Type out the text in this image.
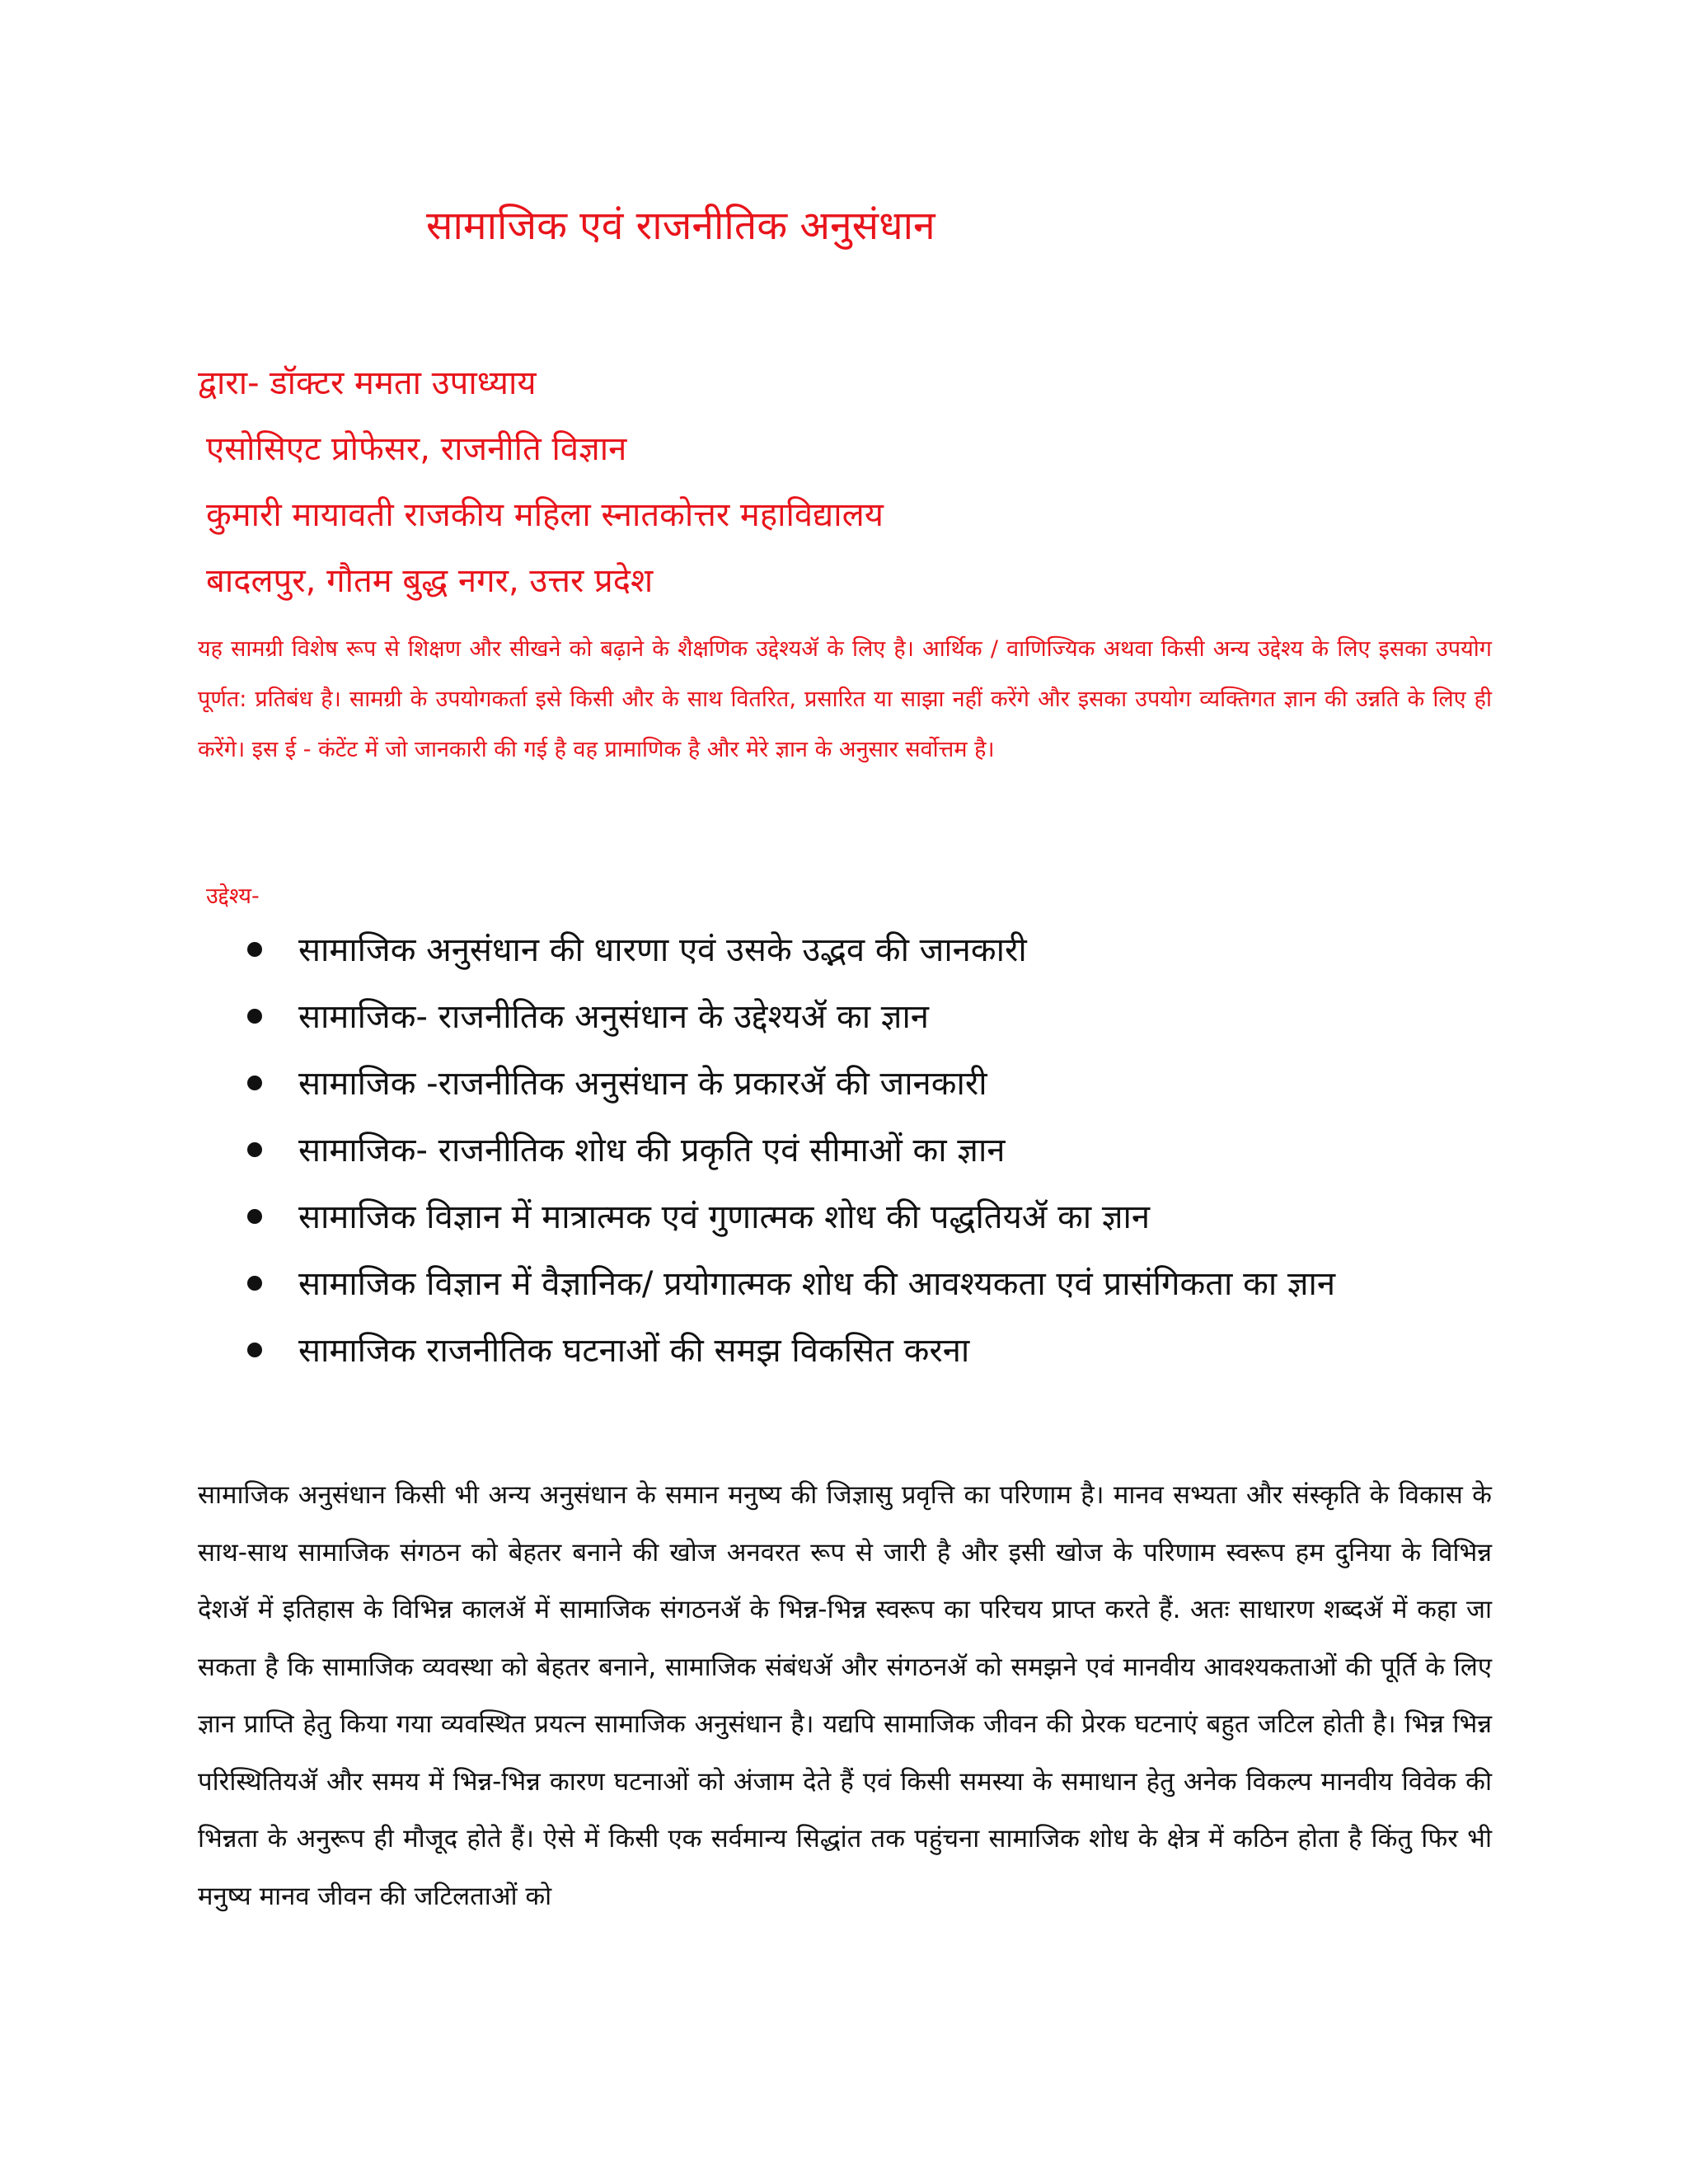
सामाजिक एवं राजनीतिक अनुसंधान
द्वारा- डॉक्टर ममता उपाध्याय
एसोसिएट प्रोफेसर, राजनीति विज्ञान
कुमारी मायावती राजकीय महिला स्नातकोत्तर महाविद्यालय
बादलपुर, गौतम बुद्ध नगर, उत्तर प्रदेश
यह सामग्री विशेष रूप से शिक्षण और सीखने को बढ़ाने के शैक्षणिक उद्देश्यॲ के लिए है। आर्थिक / वाणिज्यिक अथवा किसी अन्य उद्देश्य के लिए इसका उपयोग पूर्णत: प्रतिबंध है। सामग्री के उपयोगकर्ता इसे किसी और के साथ वितरित, प्रसारित या साझा नहीं करेंगे और इसका उपयोग व्यक्तिगत ज्ञान की उन्नति के लिए ही करेंगे। इस ई - कंटेंट में जो जानकारी की गई है वह प्रामाणिक है और मेरे ज्ञान के अनुसार सर्वोत्तम है।
उद्देश्य-
सामाजिक अनुसंधान की धारणा एवं उसके उद्भव की जानकारी
सामाजिक- राजनीतिक अनुसंधान के उद्देश्यॲ का ज्ञान
सामाजिक -राजनीतिक अनुसंधान के प्रकारॲ की जानकारी
सामाजिक- राजनीतिक शोध की प्रकृति एवं सीमाओं का ज्ञान
सामाजिक विज्ञान में मात्रात्मक एवं गुणात्मक शोध की पद्धतियॲ का ज्ञान
सामाजिक विज्ञान में वैज्ञानिक/ प्रयोगात्मक शोध की आवश्यकता एवं प्रासंगिकता का ज्ञान
सामाजिक राजनीतिक घटनाओं की समझ विकसित करना
सामाजिक अनुसंधान किसी भी अन्य अनुसंधान के समान मनुष्य की जिज्ञासु प्रवृत्ति का परिणाम है। मानव सभ्यता और संस्कृति के विकास के साथ-साथ सामाजिक संगठन को बेहतर बनाने की खोज अनवरत रूप से जारी है और इसी खोज के परिणाम स्वरूप हम दुनिया के विभिन्न देशॲ में इतिहास के विभिन्न कालॲ में सामाजिक संगठनॲ के भिन्न-भिन्न स्वरूप का परिचय प्राप्त करते हैं. अतः साधारण शब्दॲ में कहा जा सकता है कि सामाजिक व्यवस्था को बेहतर बनाने, सामाजिक संबंधॲ और संगठनॲ को समझने एवं मानवीय आवश्यकताओं की पूर्ति के लिए ज्ञान प्राप्ति हेतु किया गया व्यवस्थित प्रयत्न सामाजिक अनुसंधान है। यद्यपि सामाजिक जीवन की प्रेरक घटनाएं बहुत जटिल होती है। भिन्न भिन्न परिस्थितियॲ और समय में भिन्न-भिन्न कारण घटनाओं को अंजाम देते हैं एवं किसी समस्या के समाधान हेतु अनेक विकल्प मानवीय विवेक की भिन्नता के अनुरूप ही मौजूद होते हैं। ऐसे में किसी एक सर्वमान्य सिद्धांत तक पहुंचना सामाजिक शोध के क्षेत्र में कठिन होता है किंतु फिर भी मनुष्य मानव जीवन की जटिलताओं को
